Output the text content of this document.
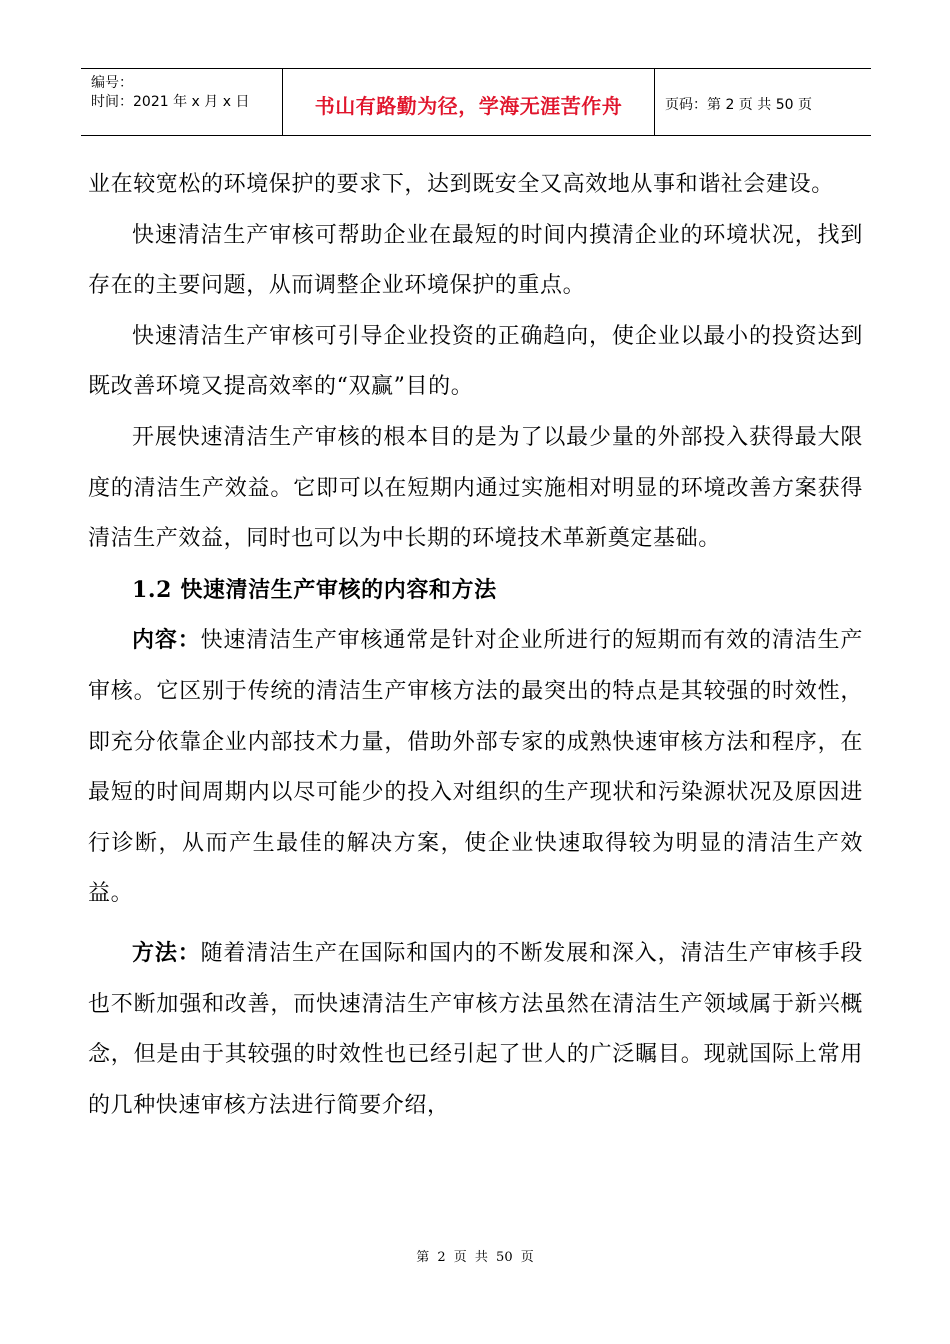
编号：
时间：2021 年 x 月 x 日	书山有路勤为径，学海无涯苦作舟	页码：第 2 页 共 50 页

业在较宽松的环境保护的要求下，达到既安全又高效地从事和谐社会建设。

快速清洁生产审核可帮助企业在最短的时间内摸清企业的环境状况，找到存在的主要问题，从而调整企业环境保护的重点。

快速清洁生产审核可引导企业投资的正确趋向，使企业以最小的投资达到既改善环境又提高效率的“双赢”目的。

开展快速清洁生产审核的根本目的是为了以最少量的外部投入获得最大限度的清洁生产效益。它即可以在短期内通过实施相对明显的环境改善方案获得清洁生产效益，同时也可以为中长期的环境技术革新奠定基础。

1.2 快速清洁生产审核的内容和方法

内容：快速清洁生产审核通常是针对企业所进行的短期而有效的清洁生产审核。它区别于传统的清洁生产审核方法的最突出的特点是其较强的时效性，即充分依靠企业内部技术力量，借助外部专家的成熟快速审核方法和程序，在最短的时间周期内以尽可能少的投入对组织的生产现状和污染源状况及原因进行诊断，从而产生最佳的解决方案，使企业快速取得较为明显的清洁生产效益。

方法：随着清洁生产在国际和国内的不断发展和深入，清洁生产审核手段也不断加强和改善，而快速清洁生产审核方法虽然在清洁生产领域属于新兴概念，但是由于其较强的时效性也已经引起了世人的广泛瞩目。现就国际上常用的几种快速审核方法进行简要介绍，

第 2 页 共 50 页
